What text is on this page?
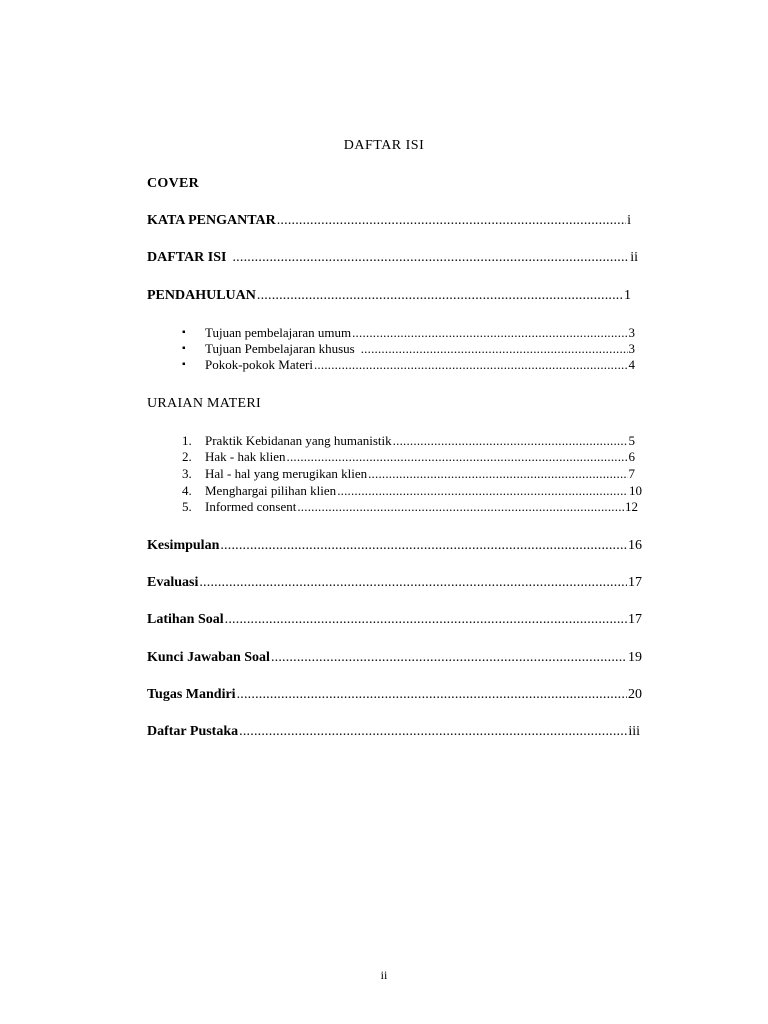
DAFTAR ISI
COVER
KATA PENGANTAR .....	i
DAFTAR ISI .....	ii
PENDAHULUAN .....	1
▪ Tujuan pembelajaran umum .....	3
▪ Tujuan Pembelajaran khusus .....	3
▪ Pokok-pokok Materi .....	4
URAIAN MATERI
1. Praktik Kebidanan yang humanistik .....	5
2. Hak - hak klien .....	6
3. Hal - hal yang merugikan klien .....	7
4. Menghargai pilihan klien .....	10
5. Informed consent .....	12
Kesimpulan .....	16
Evaluasi .....	17
Latihan Soal .....	17
Kunci Jawaban Soal .....	19
Tugas Mandiri .....	20
Daftar Pustaka .....	iii
ii
